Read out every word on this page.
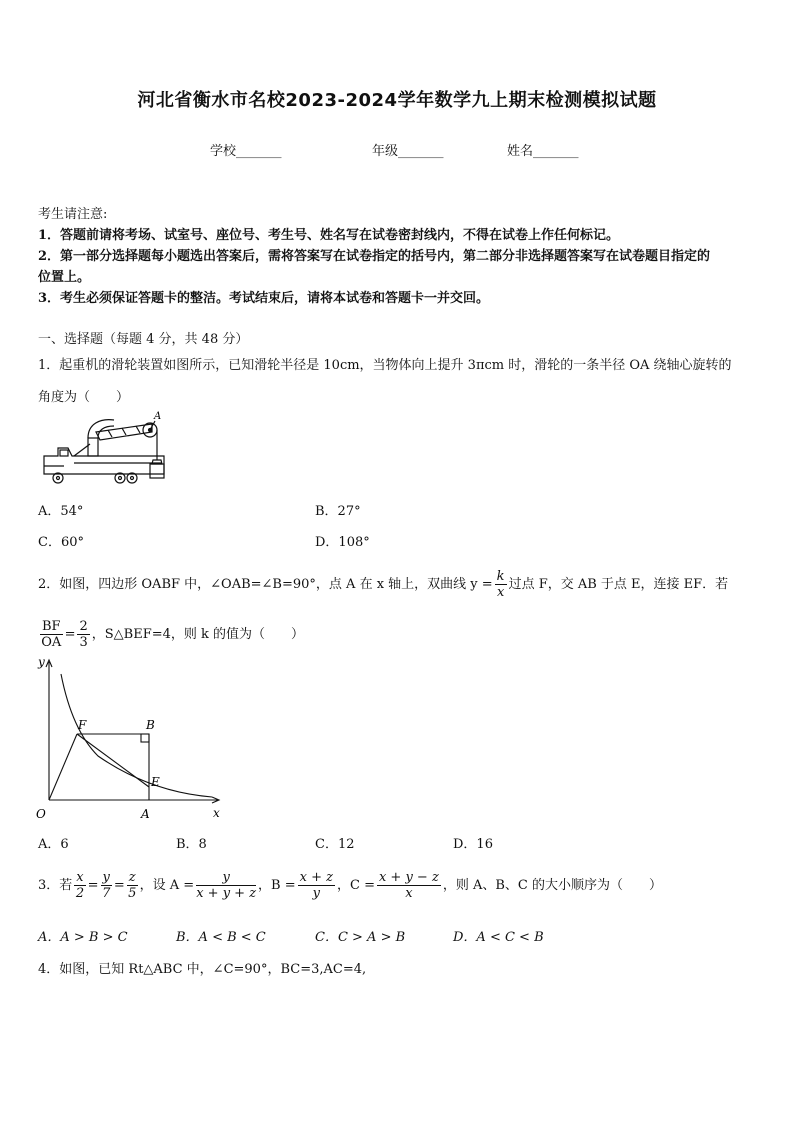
河北省衡水市名校2023-2024学年数学九上期末检测模拟试题
学校_______	年级_______	姓名_______
考生请注意:
1．答题前请将考场、试室号、座位号、考生号、姓名写在试卷密封线内，不得在试卷上作任何标记。
2．第一部分选择题每小题选出答案后，需将答案写在试卷指定的括号内，第二部分非选择题答案写在试卷题目指定的
位置上。
3．考生必须保证答题卡的整洁。考试结束后，请将本试卷和答题卡一并交回。
一、选择题（每题 4 分，共 48 分）
1．起重机的滑轮装置如图所示，已知滑轮半径是 10cm，当物体向上提升 3πcm 时，滑轮的一条半径 OA 绕轴心旋转的
角度为（　　）
A
A．54°	B．27°
C．60°	D．108°
2．如图，四边形 OABF 中，∠OAB=∠B=90°，点 A 在 x 轴上，双曲线 $y = \frac{k}{x}$ 过点 F，交 AB 于点 E，连接 EF．若
$\frac{BF}{OA} = \frac{2}{3}$ ，S△BEF=4，则 k 的值为（　　）
y
x
O
F	B
E
A
A．6	B．8	C．12	D．16
3．若 $\frac{x}{2} = \frac{y}{7} = \frac{z}{5}$ ，设 $A = \frac{y}{x + y + z}$ ，$B = \frac{x + z}{y}$ ，$C = \frac{x + y - z}{x}$ ，则 A、B、C 的大小顺序为（　　）
A．A > B > C	B．A < B < C	C．C > A > B	D．A < C < B
4．如图，已知 Rt△ABC 中，∠C=90°，BC=3,AC=4,
